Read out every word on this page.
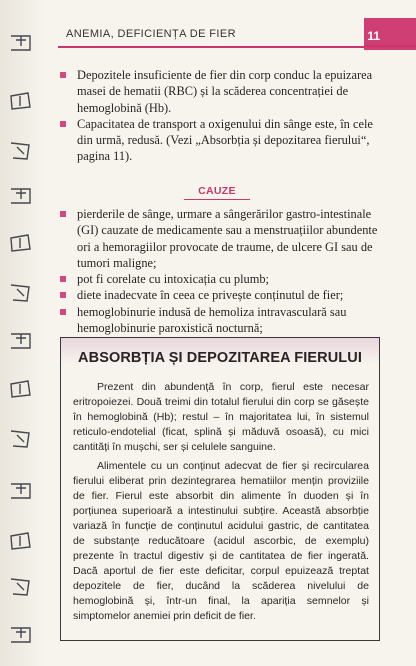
ANEMIA, DEFICIENȚA DE FIER	11
Depozitele insuficiente de fier din corp conduc la epuizarea masei de hematii (RBC) și la scăderea concentrației de hemoglobină (Hb).
Capacitatea de transport a oxigenului din sânge este, în cele din urmă, redusă. (Vezi „Absorbția și depozitarea fierului“, pagina 11).
CAUZE
pierderile de sânge, urmare a sângerărilor gastro-intestinale (GI) cauzate de medicamente sau a menstruațiilor abundente ori a hemoragiilor provocate de traume, de ulcere GI sau de tumori maligne;
pot fi corelate cu intoxicația cu plumb;
diete inadecvate în ceea ce privește conținutul de fier;
hemoglobinurie indusă de hemoliza intravasculară sau hemoglobinurie paroxistică nocturnă;
ABSORBȚIA ȘI DEPOZITAREA FIERULUI

Prezent din abundență în corp, fierul este necesar eritropoiezei. Două treimi din totalul fierului din corp se găsește în hemoglobină (Hb); restul – în majoritatea lui, în sistemul reticulo-endotelial (ficat, splină și măduvă osoasă), cu mici cantități în mușchi, ser și celulele sanguine.

Alimentele cu un conținut adecvat de fier și recircularea fierului eliberat prin dezintegrarea hematiilor mențin proviziile de fier. Fierul este absorbit din alimente în duoden și în porțiunea superioară a intestinului subțire. Această absorbție variază în funcție de conținutul acidului gastric, de cantitatea de substanțe reducătoare (acidul ascorbic, de exemplu) prezente în tractul digestiv și de cantitatea de fier ingerată. Dacă aportul de fier este deficitar, corpul epuizează treptat depozitele de fier, ducând la scăderea nivelului de hemoglobină și, într-un final, la apariția semnelor și simptomelor anemiei prin deficit de fier.
